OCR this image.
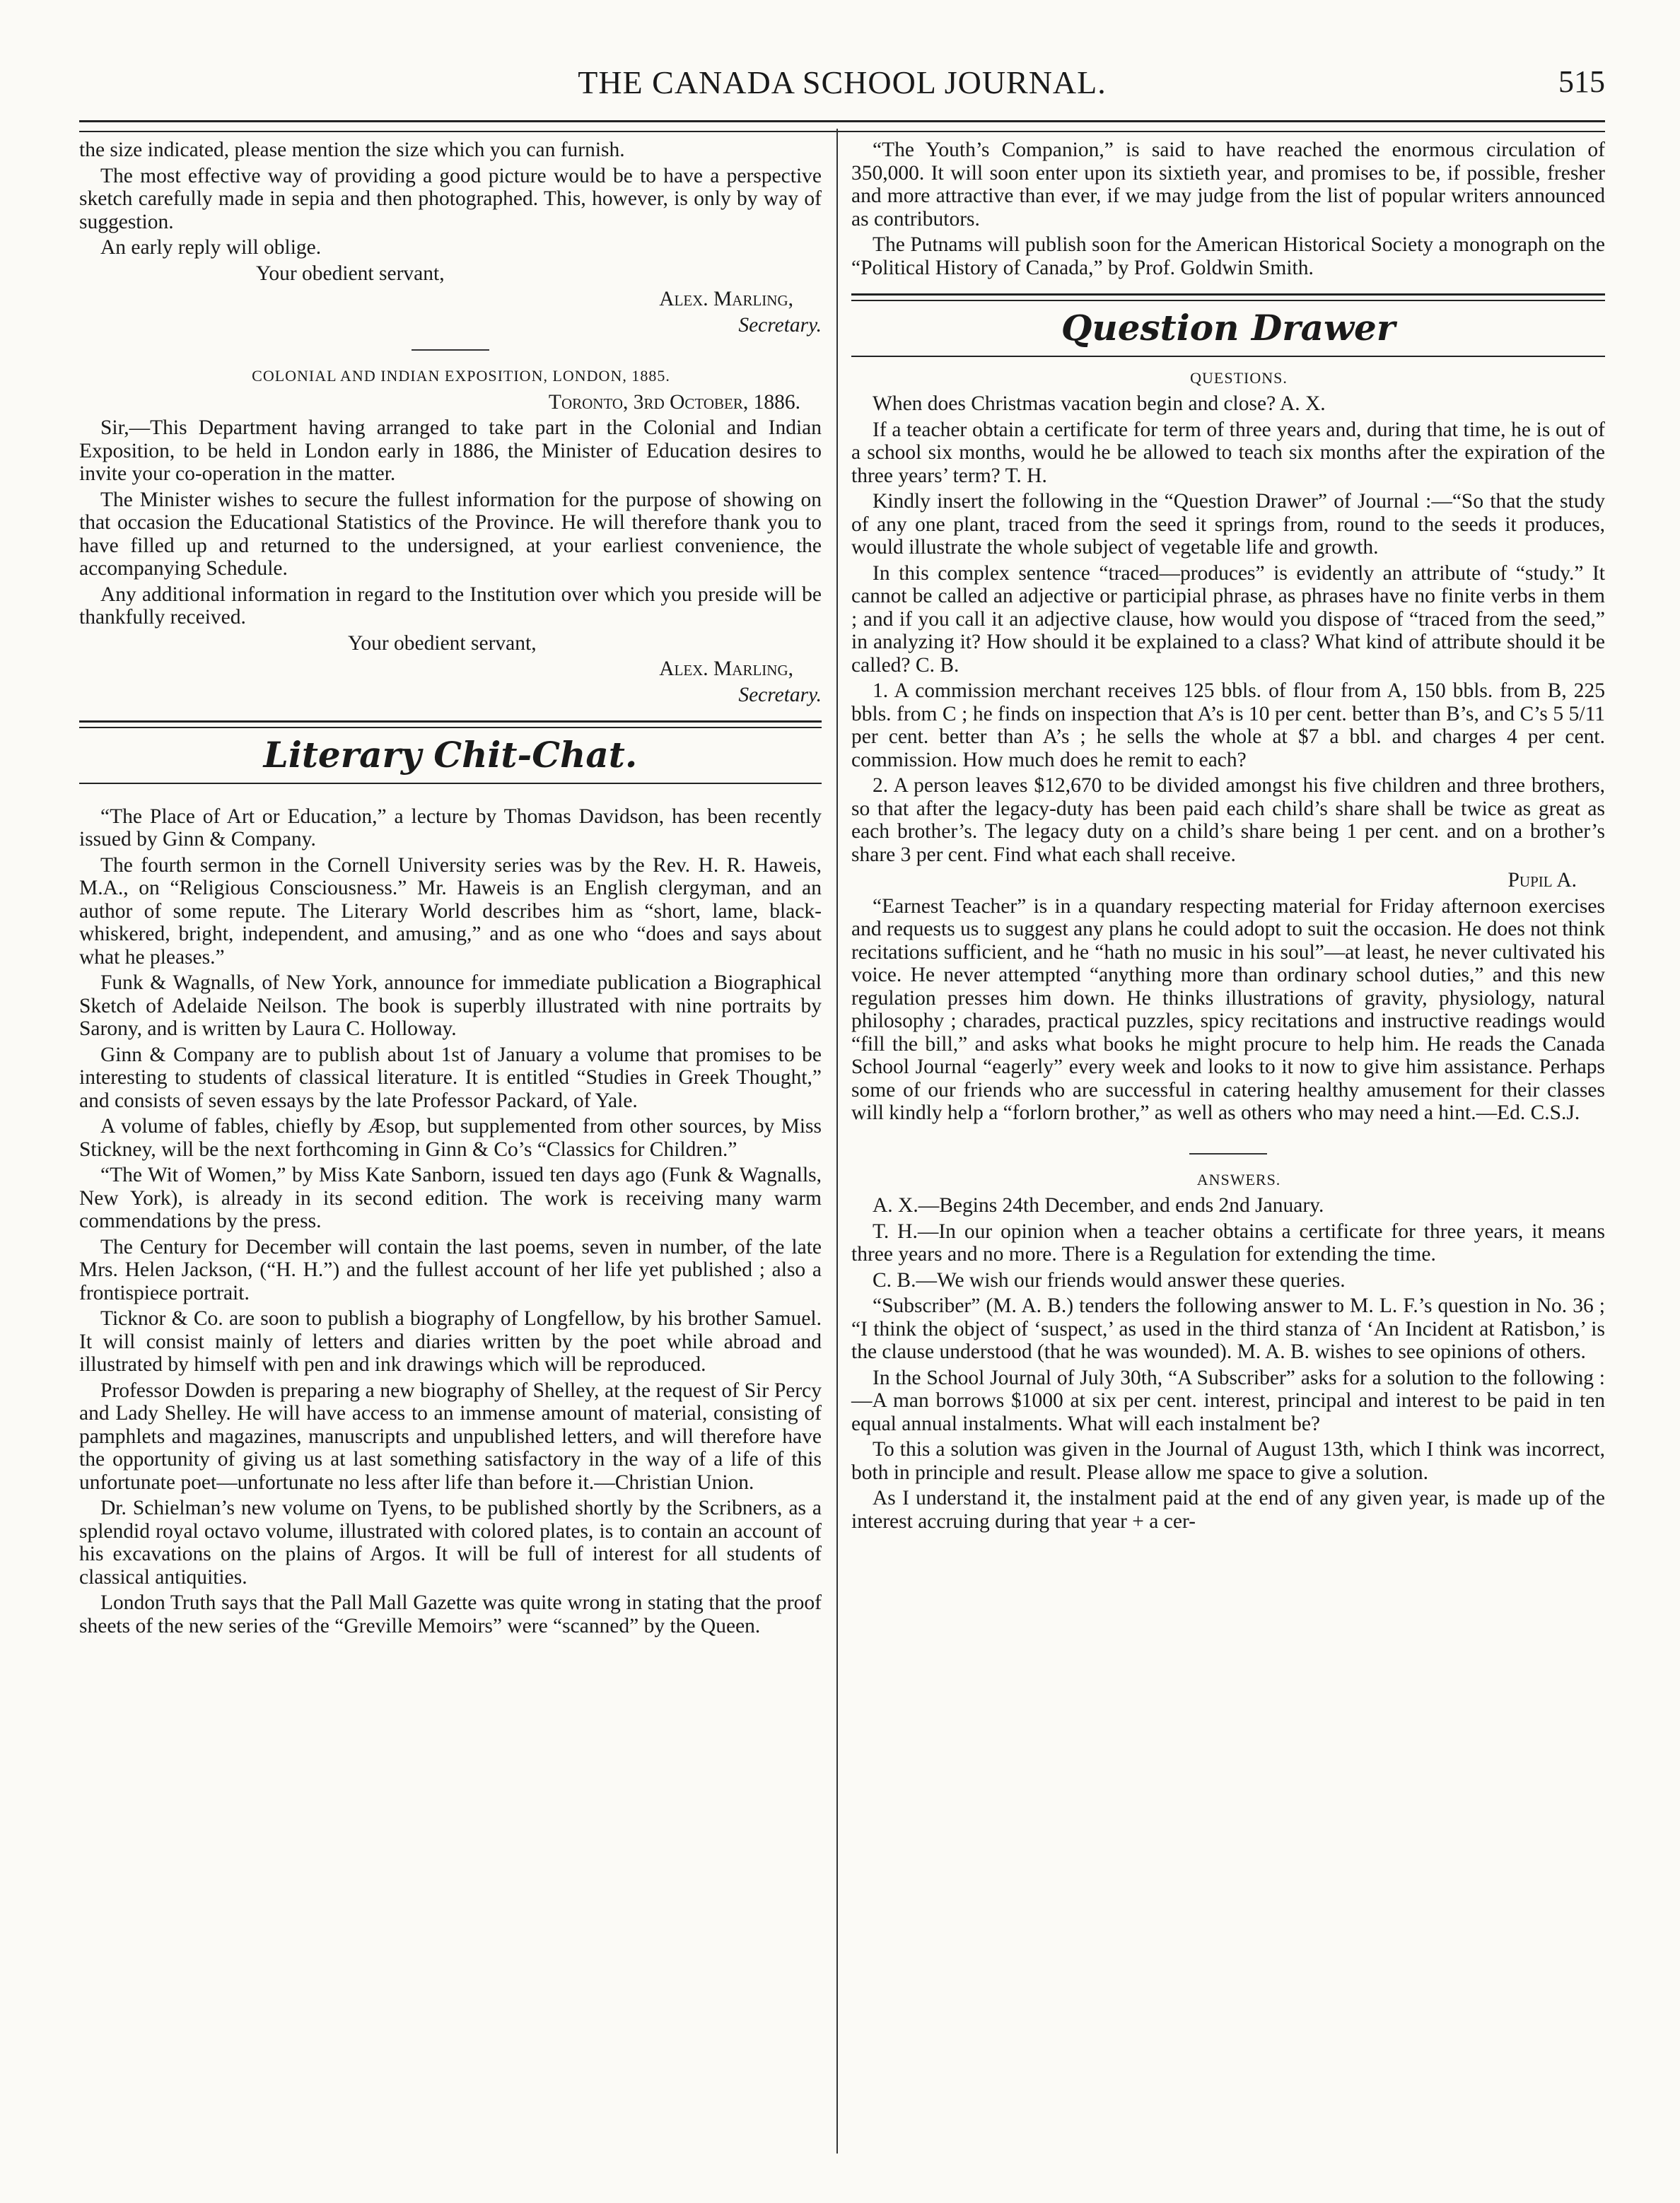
THE CANADA SCHOOL JOURNAL.	515

the size indicated, please mention the size which you can furnish.

The most effective way of providing a good picture would be to have a perspective sketch carefully made in sepia and then photographed. This, however, is only by way of suggestion.

An early reply will oblige.

Your obedient servant,

Alex. Marling,

Secretary.

COLONIAL AND INDIAN EXPOSITION, LONDON, 1885.

Toronto, 3rd October, 1886.

Sir,—This Department having arranged to take part in the Colonial and Indian Exposition, to be held in London early in 1886, the Minister of Education desires to invite your co-operation in the matter.

The Minister wishes to secure the fullest information for the purpose of showing on that occasion the Educational Statistics of the Province. He will therefore thank you to have filled up and returned to the undersigned, at your earliest convenience, the accompanying Schedule.

Any additional information in regard to the Institution over which you preside will be thankfully received.

Your obedient servant,

Alex. Marling,

Secretary.

Literary Chit-Chat.

“The Place of Art or Education,” a lecture by Thomas Davidson, has been recently issued by Ginn & Company.

The fourth sermon in the Cornell University series was by the Rev. H. R. Haweis, M.A., on “Religious Consciousness.” Mr. Haweis is an English clergyman, and an author of some repute. The Literary World describes him as “short, lame, black-whiskered, bright, independent, and amusing,” and as one who “does and says about what he pleases.”

Funk & Wagnalls, of New York, announce for immediate publication a Biographical Sketch of Adelaide Neilson. The book is superbly illustrated with nine portraits by Sarony, and is written by Laura C. Holloway.

Ginn & Company are to publish about 1st of January a volume that promises to be interesting to students of classical literature. It is entitled “Studies in Greek Thought,” and consists of seven essays by the late Professor Packard, of Yale.

A volume of fables, chiefly by Æsop, but supplemented from other sources, by Miss Stickney, will be the next forthcoming in Ginn & Co’s “Classics for Children.”

“The Wit of Women,” by Miss Kate Sanborn, issued ten days ago (Funk & Wagnalls, New York), is already in its second edition. The work is receiving many warm commendations by the press.

The Century for December will contain the last poems, seven in number, of the late Mrs. Helen Jackson, (“H. H.”) and the fullest account of her life yet published ; also a frontispiece portrait.

Ticknor & Co. are soon to publish a biography of Longfellow, by his brother Samuel. It will consist mainly of letters and diaries written by the poet while abroad and illustrated by himself with pen and ink drawings which will be reproduced.

Professor Dowden is preparing a new biography of Shelley, at the request of Sir Percy and Lady Shelley. He will have access to an immense amount of material, consisting of pamphlets and magazines, manuscripts and unpublished letters, and will therefore have the opportunity of giving us at last something satisfactory in the way of a life of this unfortunate poet—unfortunate no less after life than before it.—Christian Union.

Dr. Schielman’s new volume on Tyens, to be published shortly by the Scribners, as a splendid royal octavo volume, illustrated with colored plates, is to contain an account of his excavations on the plains of Argos. It will be full of interest for all students of classical antiquities.

London Truth says that the Pall Mall Gazette was quite wrong in stating that the proof sheets of the new series of the “Greville Memoirs” were “scanned” by the Queen.

“The Youth’s Companion,” is said to have reached the enormous circulation of 350,000. It will soon enter upon its sixtieth year, and promises to be, if possible, fresher and more attractive than ever, if we may judge from the list of popular writers announced as contributors.

The Putnams will publish soon for the American Historical Society a monograph on the “Political History of Canada,” by Prof. Goldwin Smith.

Question Drawer

QUESTIONS.

When does Christmas vacation begin and close? A. X.

If a teacher obtain a certificate for term of three years and, during that time, he is out of a school six months, would he be allowed to teach six months after the expiration of the three years’ term? T. H.

Kindly insert the following in the “Question Drawer” of Journal :—“So that the study of any one plant, traced from the seed it springs from, round to the seeds it produces, would illustrate the whole subject of vegetable life and growth.

In this complex sentence “traced—produces” is evidently an attribute of “study.” It cannot be called an adjective or participial phrase, as phrases have no finite verbs in them ; and if you call it an adjective clause, how would you dispose of “traced from the seed,” in analyzing it? How should it be explained to a class? What kind of attribute should it be called? C. B.

1. A commission merchant receives 125 bbls. of flour from A, 150 bbls. from B, 225 bbls. from C ; he finds on inspection that A’s is 10 per cent. better than B’s, and C’s 5 5/11 per cent. better than A’s ; he sells the whole at $7 a bbl. and charges 4 per cent. commission. How much does he remit to each?

2. A person leaves $12,670 to be divided amongst his five children and three brothers, so that after the legacy-duty has been paid each child’s share shall be twice as great as each brother’s. The legacy duty on a child’s share being 1 per cent. and on a brother’s share 3 per cent. Find what each shall receive.

Pupil A.

“Earnest Teacher” is in a quandary respecting material for Friday afternoon exercises and requests us to suggest any plans he could adopt to suit the occasion. He does not think recitations sufficient, and he “hath no music in his soul”—at least, he never cultivated his voice. He never attempted “anything more than ordinary school duties,” and this new regulation presses him down. He thinks illustrations of gravity, physiology, natural philosophy ; charades, practical puzzles, spicy recitations and instructive readings would “fill the bill,” and asks what books he might procure to help him. He reads the Canada School Journal “eagerly” every week and looks to it now to give him assistance. Perhaps some of our friends who are successful in catering healthy amusement for their classes will kindly help a “forlorn brother,” as well as others who may need a hint.—Ed. C.S.J.

ANSWERS.

A. X.—Begins 24th December, and ends 2nd January.

T. H.—In our opinion when a teacher obtains a certificate for three years, it means three years and no more. There is a Regulation for extending the time.

C. B.—We wish our friends would answer these queries.

“Subscriber” (M. A. B.) tenders the following answer to M. L. F.’s question in No. 36 ; “I think the object of ‘suspect,’ as used in the third stanza of ‘An Incident at Ratisbon,’ is the clause understood (that he was wounded). M. A. B. wishes to see opinions of others.

In the School Journal of July 30th, “A Subscriber” asks for a solution to the following :—A man borrows $1000 at six per cent. interest, principal and interest to be paid in ten equal annual instalments. What will each instalment be?

To this a solution was given in the Journal of August 13th, which I think was incorrect, both in principle and result. Please allow me space to give a solution.

As I understand it, the instalment paid at the end of any given year, is made up of the interest accruing during that year + a cer-
